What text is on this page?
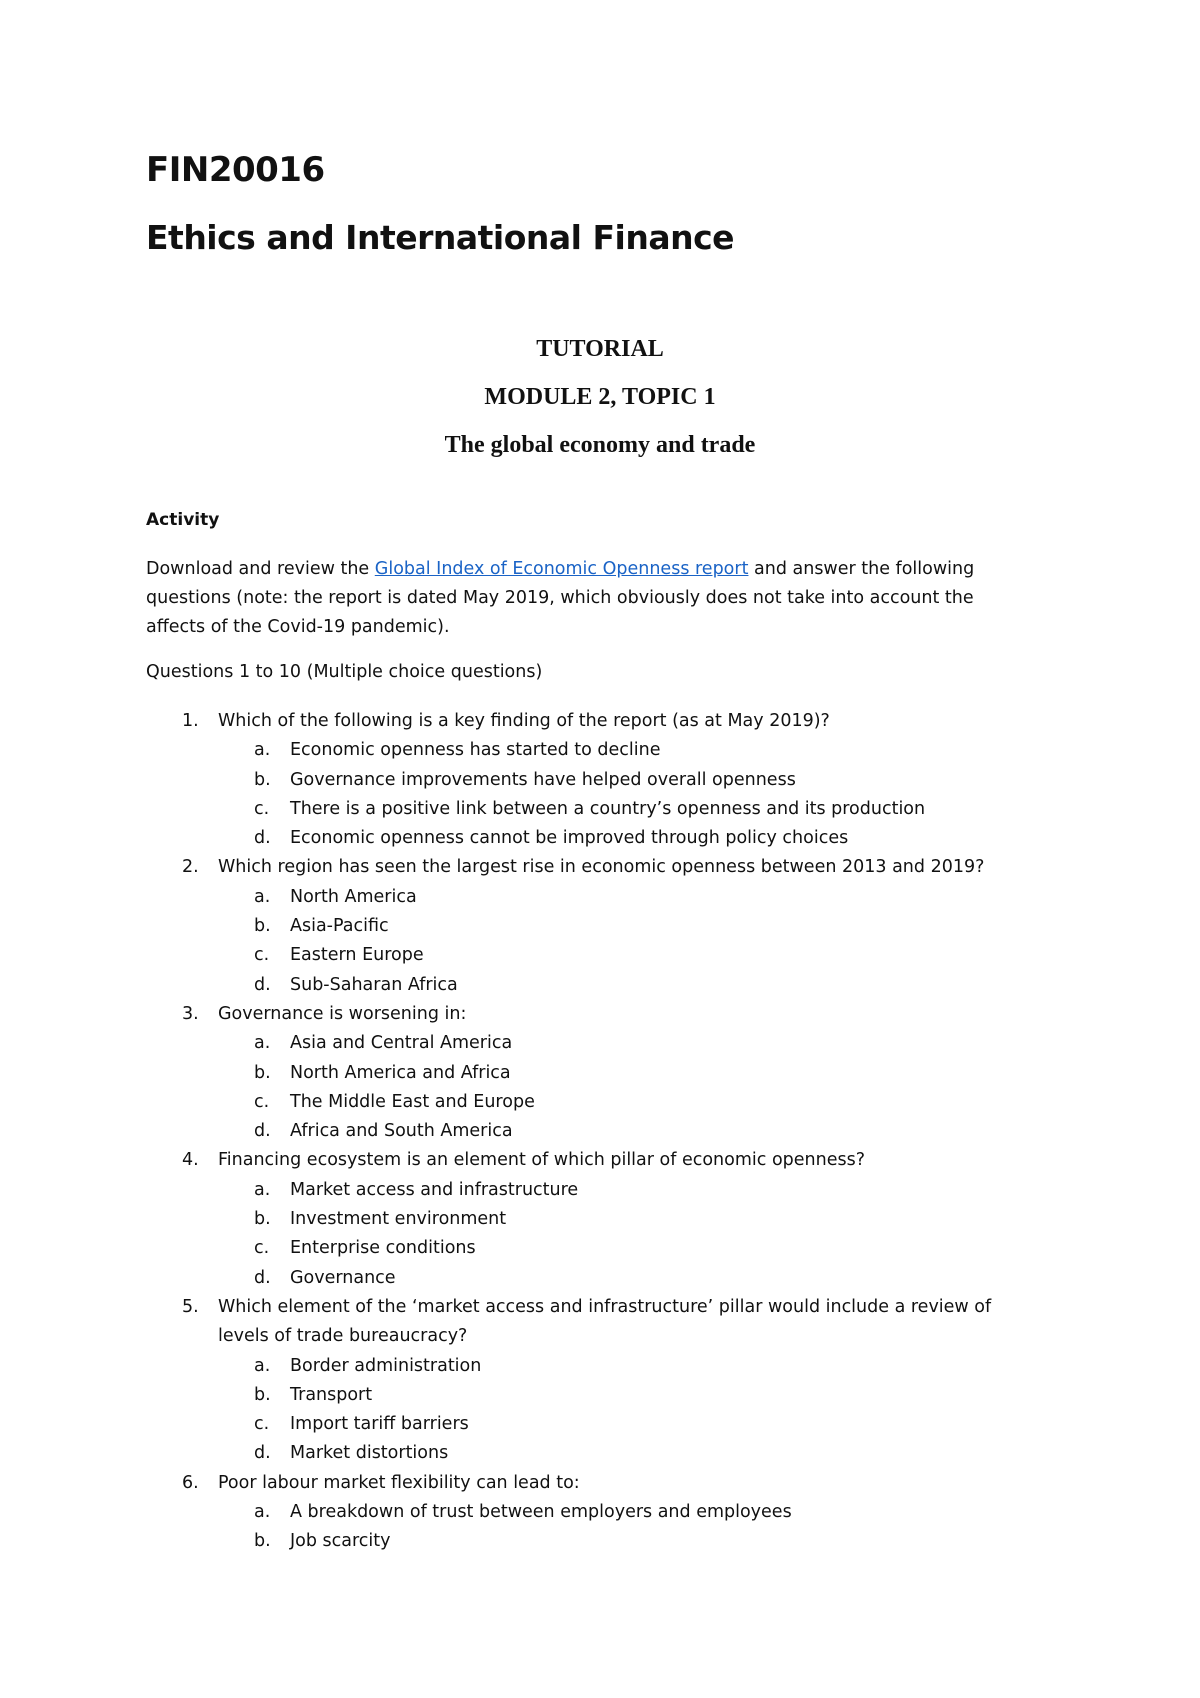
FIN20016
Ethics and International Finance

TUTORIAL

MODULE 2, TOPIC 1

The global economy and trade

Activity

Download and review the Global Index of Economic Openness report and answer the following questions (note: the report is dated May 2019, which obviously does not take into account the affects of the Covid-19 pandemic).

Questions 1 to 10 (Multiple choice questions)

1. Which of the following is a key finding of the report (as at May 2019)?
a. Economic openness has started to decline
b. Governance improvements have helped overall openness
c. There is a positive link between a country’s openness and its production
d. Economic openness cannot be improved through policy choices
2. Which region has seen the largest rise in economic openness between 2013 and 2019?
a. North America
b. Asia-Pacific
c. Eastern Europe
d. Sub-Saharan Africa
3. Governance is worsening in:
a. Asia and Central America
b. North America and Africa
c. The Middle East and Europe
d. Africa and South America
4. Financing ecosystem is an element of which pillar of economic openness?
a. Market access and infrastructure
b. Investment environment
c. Enterprise conditions
d. Governance
5. Which element of the ‘market access and infrastructure’ pillar would include a review of levels of trade bureaucracy?
a. Border administration
b. Transport
c. Import tariff barriers
d. Market distortions
6. Poor labour market flexibility can lead to:
a. A breakdown of trust between employers and employees
b. Job scarcity
